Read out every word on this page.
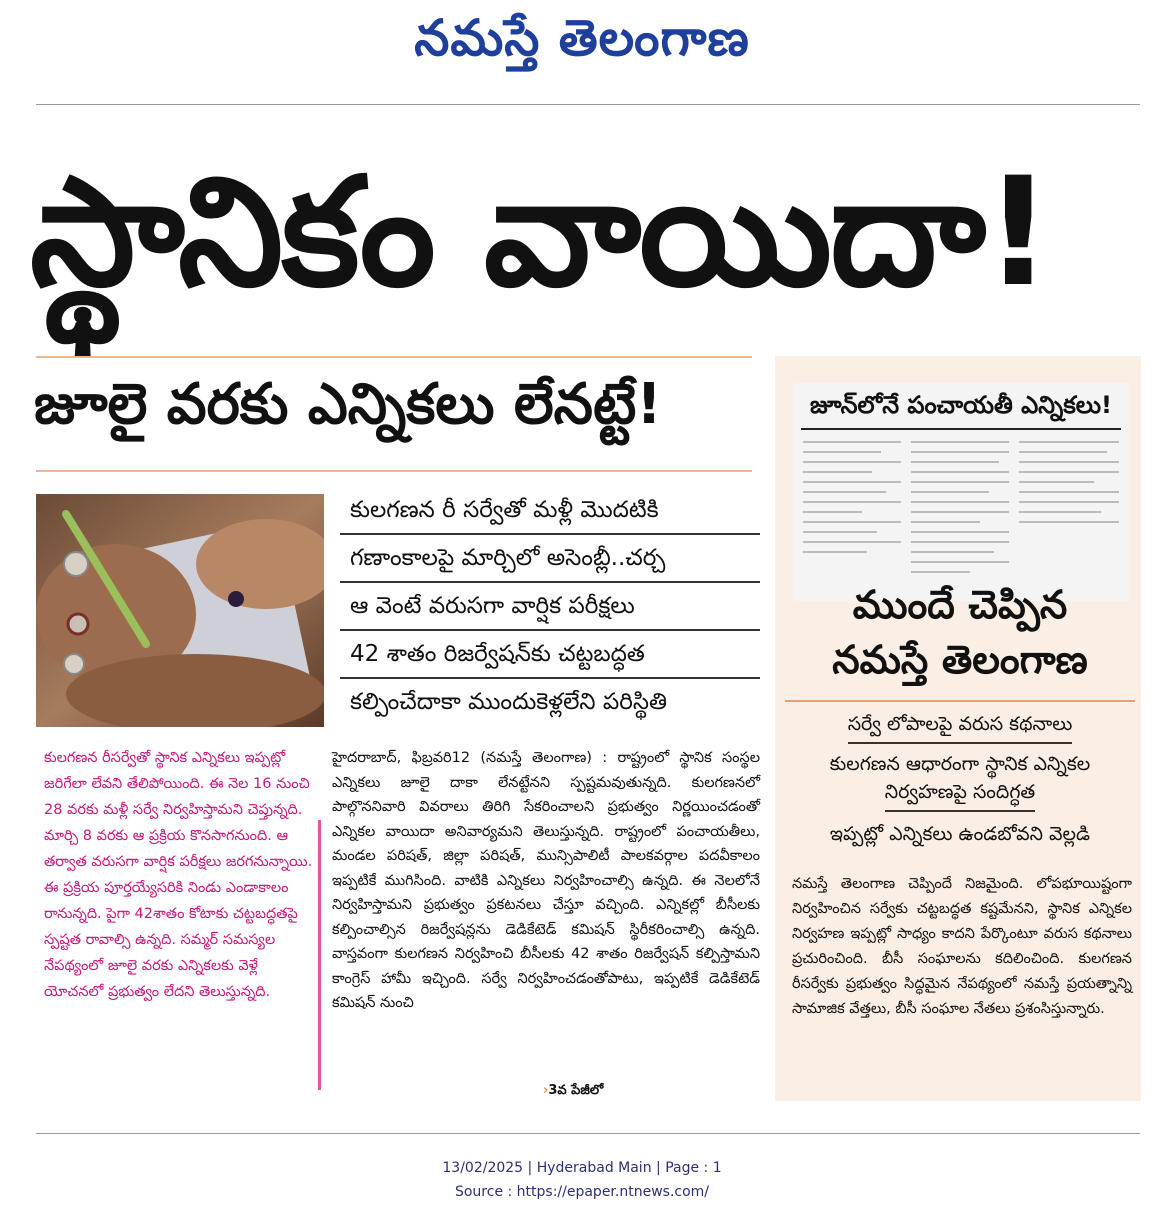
నమస్తే తెలంగాణ
స్థానికం వాయిదా!
జూలై వరకు ఎన్నికలు లేనట్టే!
కులగణన రీ సర్వేతో మళ్లీ మొదటికి
గణాంకాలపై మార్చిలో అసెంబ్లీ..చర్చ
ఆ వెంటే వరుసగా వార్షిక పరీక్షలు
42 శాతం రిజర్వేషన్‌కు చట్టబద్ధత
కల్పించేదాకా ముందుకెళ్లలేని పరిస్థితి
కులగణన రీసర్వేతో స్థానిక ఎన్నికలు ఇప్పట్లో జరిగేలా లేవని తేలిపోయింది. ఈ నెల 16 నుంచి 28 వరకు మళ్లీ సర్వే నిర్వహిస్తామని చెప్తున్నది. మార్చి 8 వరకు ఆ ప్రక్రియ కొనసాగనుంది. ఆ తర్వాత వరుసగా వార్షిక పరీక్షలు జరగనున్నాయి. ఈ ప్రక్రియ పూర్తయ్యేసరికి నిండు ఎండాకాలం రానున్నది. పైగా 42శాతం కోటాకు చట్టబద్ధతపై స్పష్టత రావాల్సి ఉన్నది. సమ్మర్ సమస్యల నేపథ్యంలో జూలై వరకు ఎన్నికలకు వెళ్లే యోచనలో ప్రభుత్వం లేదని తెలుస్తున్నది.
హైదరాబాద్, ఫిబ్రవరి12 (నమస్తే తెలంగాణ) : రాష్ట్రంలో స్థానిక సంస్థల ఎన్నికలు జూలై దాకా లేనట్టేనని స్పష్టమవుతున్నది. కులగణనలో పాల్గొననివారి వివరాలు తిరిగి సేకరించాలని ప్రభుత్వం నిర్ణయించడంతో ఎన్నికల వాయిదా అనివార్యమని తెలుస్తున్నది. రాష్ట్రంలో పంచాయతీలు, మండల పరిషత్, జిల్లా పరిషత్, మున్సిపాలిటీ పాలకవర్గాల పదవీకాలం ఇప్పటికే ముగిసింది. వాటికి ఎన్నికలు నిర్వహించాల్సి ఉన్నది. ఈ నెలలోనే నిర్వహిస్తామని ప్రభుత్వం ప్రకటనలు చేస్తూ వచ్చింది. ఎన్నికల్లో బీసీలకు కల్పించాల్సిన రిజర్వేషన్లను డెడికేటెడ్ కమిషన్ స్థిరీకరించాల్సి ఉన్నది. వాస్తవంగా కులగణన నిర్వహించి బీసీలకు 42 శాతం రిజర్వేషన్ కల్పిస్తామని కాంగ్రెస్ హామీ ఇచ్చింది. సర్వే నిర్వహించడంతోపాటు, ఇప్పటికే డెడికేటెడ్ కమిషన్ నుంచి
›3వ పేజీలో
జూన్‌లోనే పంచాయతీ ఎన్నికలు!
ముందే చెప్పిన
నమస్తే తెలంగాణ
సర్వే లోపాలపై వరుస కథనాలు
కులగణన ఆధారంగా స్థానిక ఎన్నికల
నిర్వహణపై సందిగ్ధత
ఇప్పట్లో ఎన్నికలు ఉండబోవని వెల్లడి
నమస్తే తెలంగాణ చెప్పిందే నిజమైంది. లోపభూయిష్టంగా నిర్వహించిన సర్వేకు చట్టబద్ధత కష్టమేనని, స్థానిక ఎన్నికల నిర్వహణ ఇప్పట్లో సాధ్యం కాదని పేర్కొంటూ వరుస కథనాలు ప్రచురించింది. బీసీ సంఘాలను కదిలించింది. కులగణన రీసర్వేకు ప్రభుత్వం సిద్ధమైన నేపథ్యంలో నమస్తే ప్రయత్నాన్ని సామాజిక వేత్తలు, బీసీ సంఘాల నేతలు ప్రశంసిస్తున్నారు.
13/02/2025 | Hyderabad Main | Page : 1
Source : https://epaper.ntnews.com/
